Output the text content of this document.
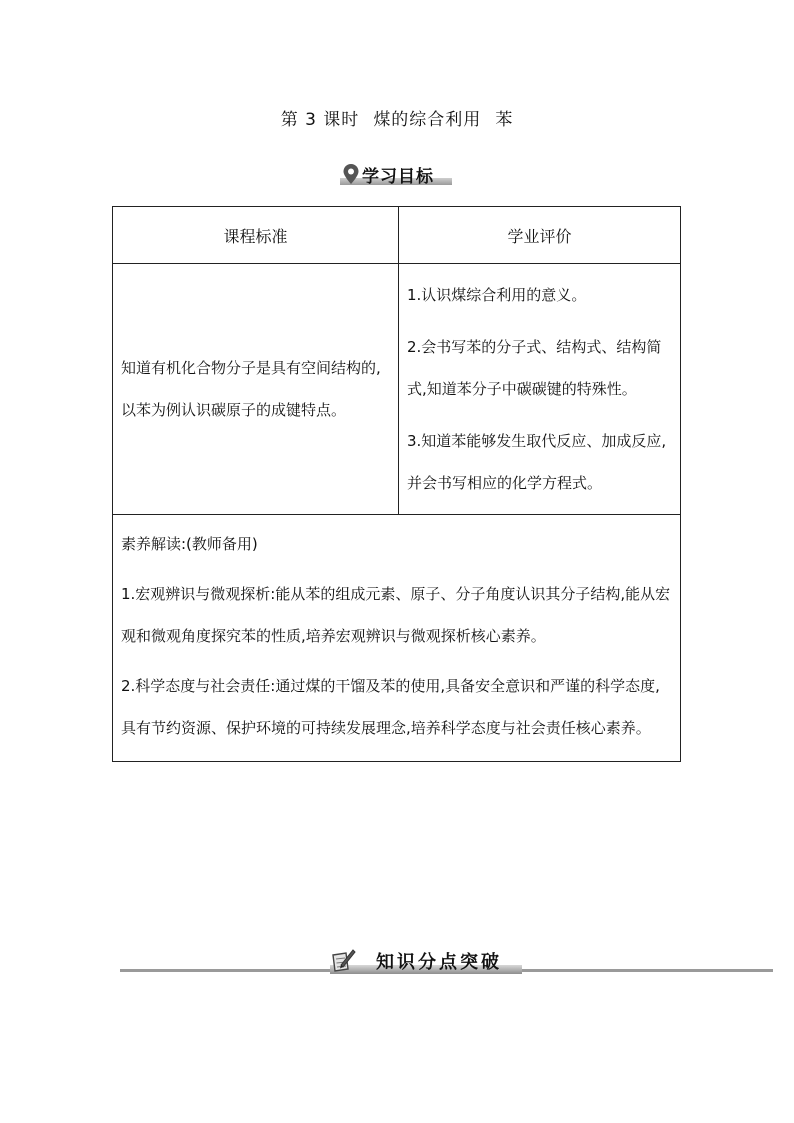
第 3 课时 煤的综合利用 苯
学习目标
课程标准	学业评价
知道有机化合物分子是具有空间结构的,以苯为例认识碳原子的成键特点。	1.认识煤综合利用的意义。

2.会书写苯的分子式、结构式、结构简式,知道苯分子中碳碳键的特殊性。

3.知道苯能够发生取代反应、加成反应,并会书写相应的化学方程式。

素养解读:(教师备用)

1.宏观辨识与微观探析:能从苯的组成元素、原子、分子角度认识其分子结构,能从宏观和微观角度探究苯的性质,培养宏观辨识与微观探析核心素养。

2.科学态度与社会责任:通过煤的干馏及苯的使用,具备安全意识和严谨的科学态度,具有节约资源、保护环境的可持续发展理念,培养科学态度与社会责任核心素养。	

知识分点突破
